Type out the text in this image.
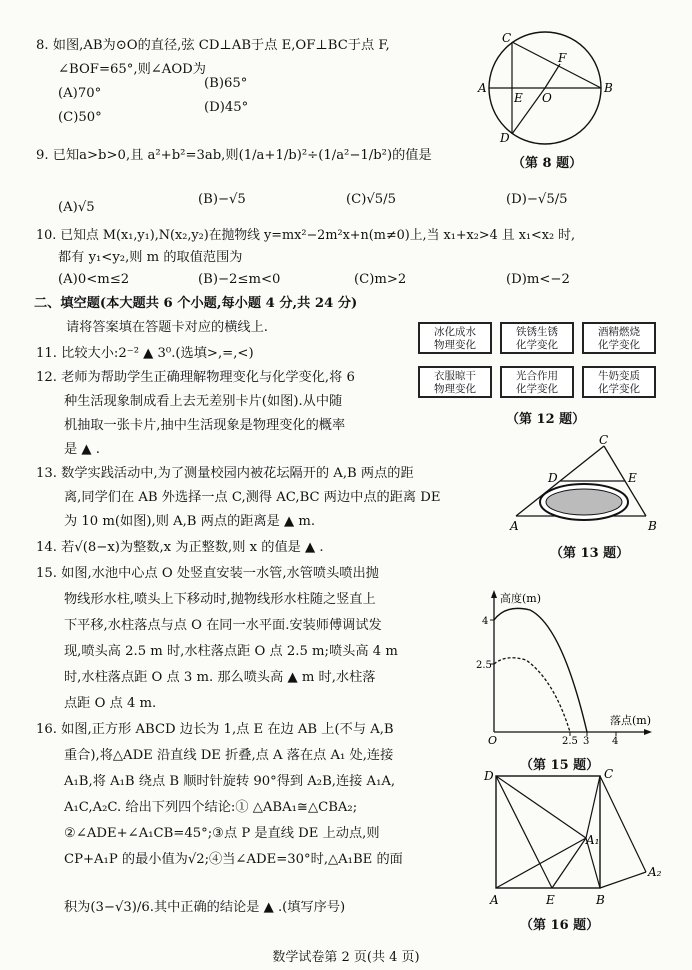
8. 如图,AB为⊙O的直径,弦 CD⊥AB于点 E,OF⊥BC于点 F,
∠BOF=65°,则∠AOD为
(A)70°
(B)65°
(C)50°
(D)45°
C
F
A
E O
B
D
（第 8 题）
9. 已知a>b>0,且 a²+b²=3ab,则(1/a+1/b)²÷(1/a²−1/b²)的值是
(A)√5
(B)−√5	(C)√5/5	(D)−√5/5
10. 已知点 M(x₁,y₁),N(x₂,y₂)在抛物线 y=mx²−2m²x+n(m≠0)上,当 x₁+x₂>4 且 x₁<x₂ 时,
都有 y₁<y₂,则 m 的取值范围为
(A)0<m≤2	(B)−2≤m<0	(C)m>2	(D)m<−2
二、填空题(本大题共 6 个小题,每小题 4 分,共 24 分)
请将答案填在答题卡对应的横线上.
11. 比较大小:2⁻² ▲ 3⁰.(选填>,=,<)
12. 老师为帮助学生正确理解物理变化与化学变化,将 6
种生活现象制成看上去无差别卡片(如图).从中随
机抽取一张卡片,抽中生活现象是物理变化的概率
是 ▲ .
冰化成水
物理变化
铁锈生锈
化学变化
酒精燃烧
化学变化
衣服晾干
物理变化
光合作用
化学变化
牛奶变质
化学变化
（第 12 题）
13. 数学实践活动中,为了测量校园内被花坛隔开的 A,B 两点的距
离,同学们在 AB 外选择一点 C,测得 AC,BC 两边中点的距离 DE
为 10 m(如图),则 A,B 两点的距离是 ▲ m.
C
D	E
A	B
（第 13 题）
14. 若√(8−x)为整数,x 为正整数,则 x 的值是 ▲ .
15. 如图,水池中心点 O 处竖直安装一水管,水管喷头喷出抛
物线形水柱,喷头上下移动时,抛物线形水柱随之竖直上
下平移,水柱落点与点 O 在同一水平面.安装师傅调试发
现,喷头高 2.5 m 时,水柱落点距 O 点 2.5 m;喷头高 4 m
时,水柱落点距 O 点 3 m. 那么喷头高 ▲ m 时,水柱落
点距 O 点 4 m.
高度(m)
落点(m)
4
2.5
O	2.5 3 4
（第 15 题）
16. 如图,正方形 ABCD 边长为 1,点 E 在边 AB 上(不与 A,B
重合),将△ADE 沿直线 DE 折叠,点 A 落在点 A₁ 处,连接
A₁B,将 A₁B 绕点 B 顺时针旋转 90°得到 A₂B,连接 A₁A,
A₁C,A₂C. 给出下列四个结论:① △ABA₁≅△CBA₂;
②∠ADE+∠A₁CB=45°;③点 P 是直线 DE 上动点,则
CP+A₁P 的最小值为√2;④当∠ADE=30°时,△A₁BE 的面
积为(3−√3)/6.其中正确的结论是 ▲ .(填写序号)
D	C
A₁
A₂
A	E	B
（第 16 题）
数学试卷第 2 页(共 4 页)
